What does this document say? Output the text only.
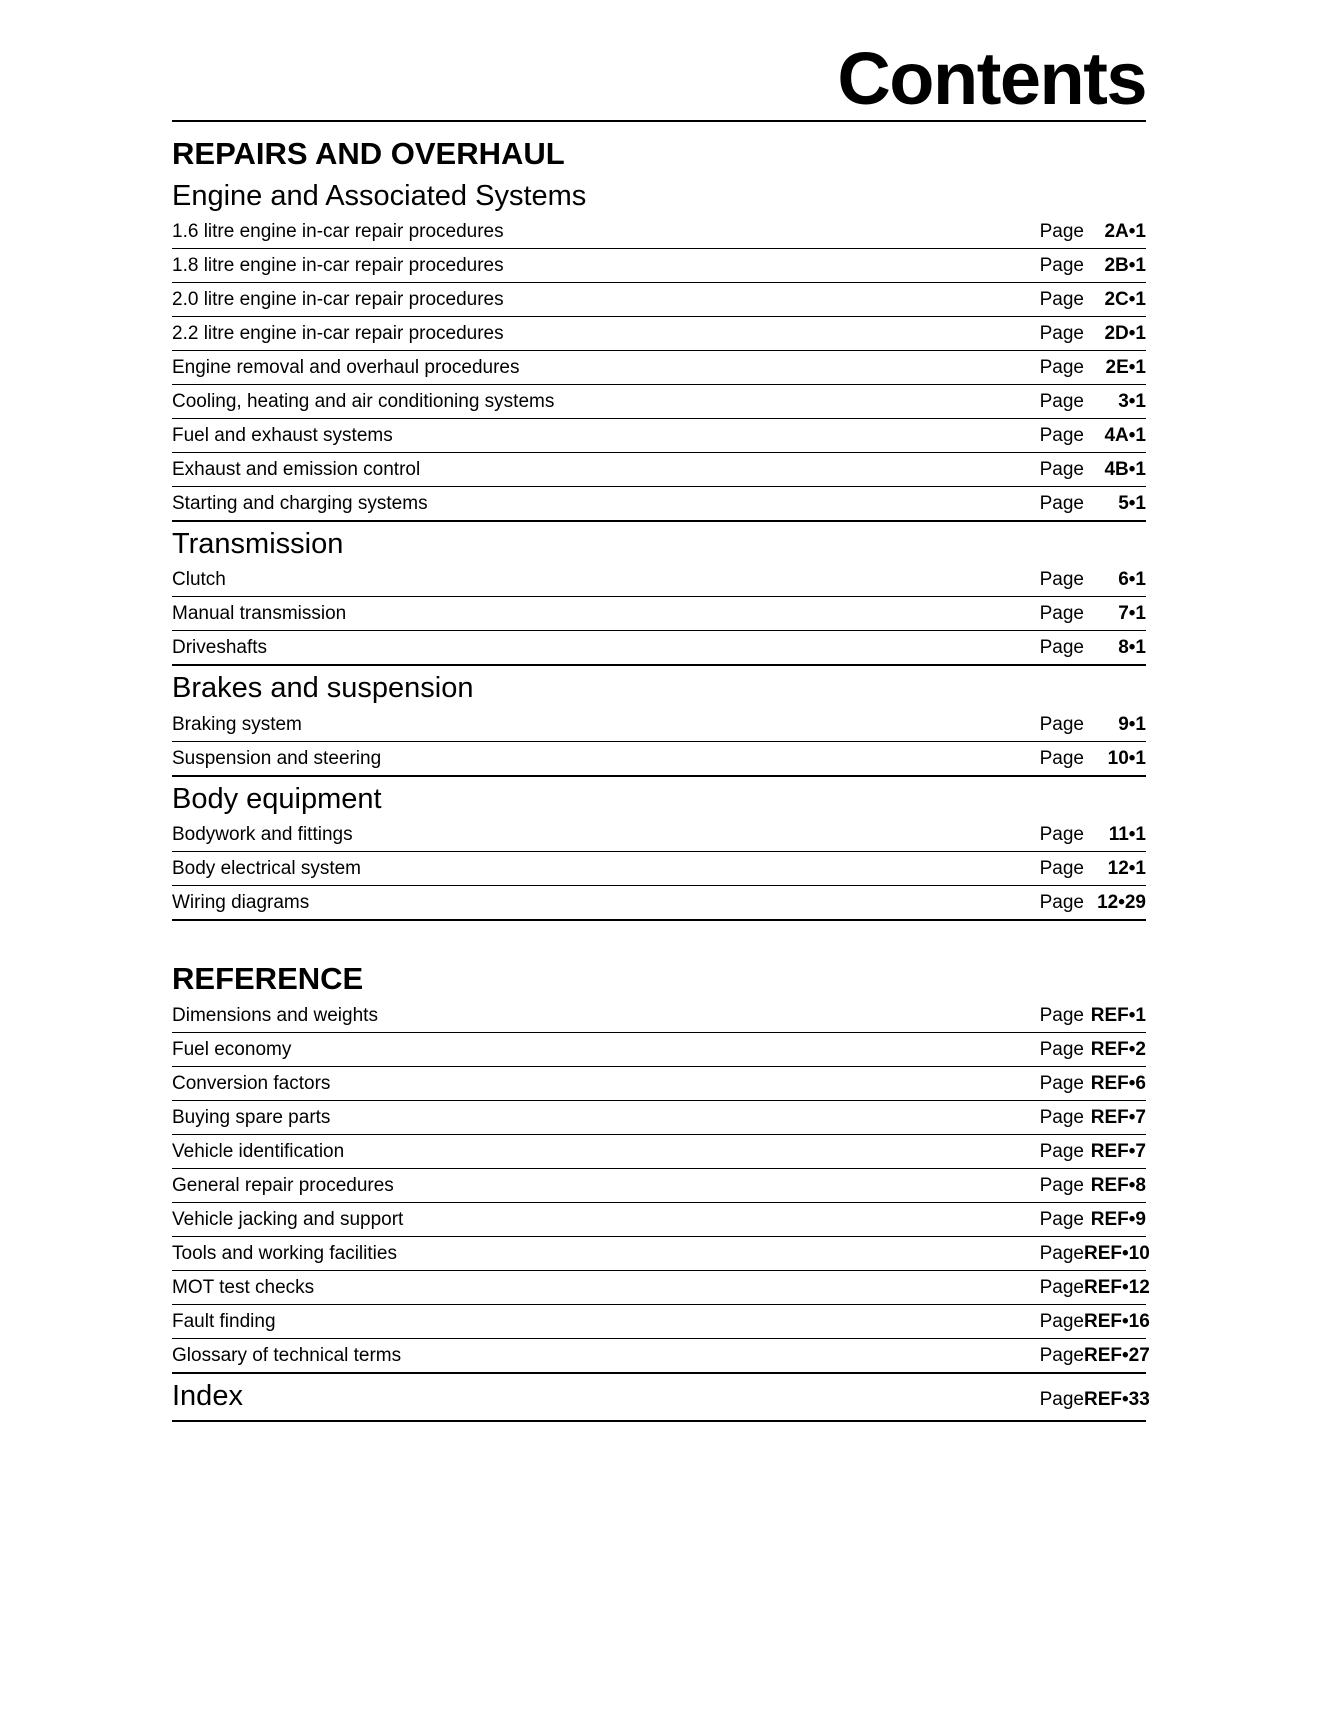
Contents
REPAIRS AND OVERHAUL
Engine and Associated Systems
1.6 litre engine in-car repair procedures	Page	2A•1
1.8 litre engine in-car repair procedures	Page	2B•1
2.0 litre engine in-car repair procedures	Page	2C•1
2.2 litre engine in-car repair procedures	Page	2D•1
Engine removal and overhaul procedures	Page	2E•1
Cooling, heating and air conditioning systems	Page	3•1
Fuel and exhaust systems	Page	4A•1
Exhaust and emission control	Page	4B•1
Starting and charging systems	Page	5•1
Transmission
Clutch	Page	6•1
Manual transmission	Page	7•1
Driveshafts	Page	8•1
Brakes and suspension
Braking system	Page	9•1
Suspension and steering	Page	10•1
Body equipment
Bodywork and fittings	Page	11•1
Body electrical system	Page	12•1
Wiring diagrams	Page 12•29
REFERENCE
Dimensions and weights	Page REF•1
Fuel economy	Page REF•2
Conversion factors	Page REF•6
Buying spare parts	Page REF•7
Vehicle identification	Page REF•7
General repair procedures	Page REF•8
Vehicle jacking and support	Page REF•9
Tools and working facilities	Page REF•10
MOT test checks	Page REF•12
Fault finding	Page REF•16
Glossary of technical terms	Page REF•27
Index	Page REF•33
